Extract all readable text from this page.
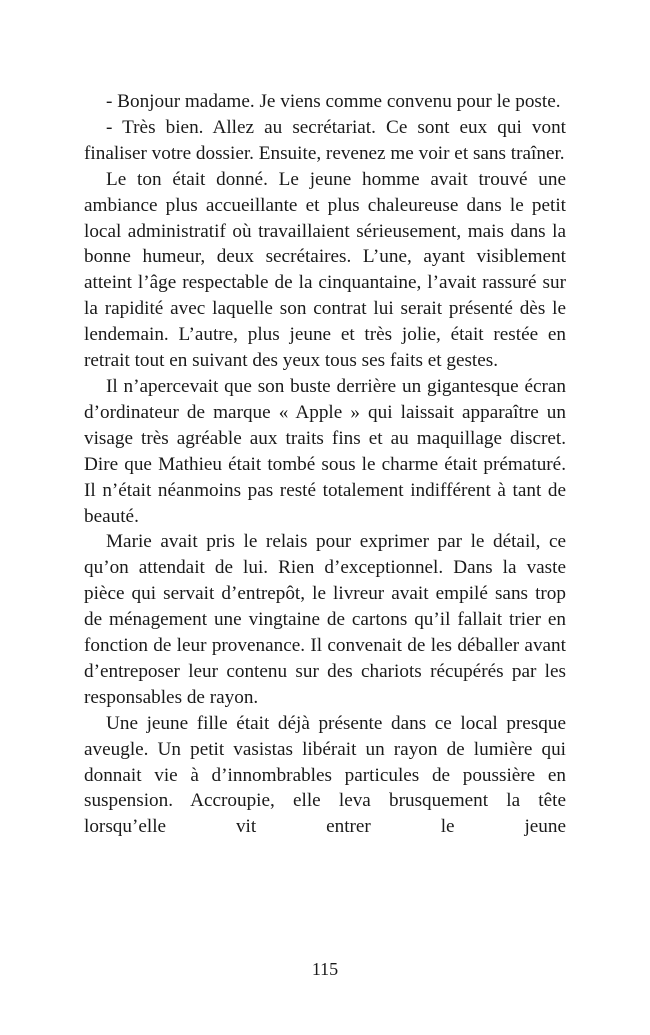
- Bonjour madame. Je viens comme convenu pour le poste.

- Très bien. Allez au secrétariat. Ce sont eux qui vont finaliser votre dossier. Ensuite, revenez me voir et sans traîner.

Le ton était donné. Le jeune homme avait trouvé une ambiance plus accueillante et plus chaleureuse dans le petit local administratif où travaillaient sérieusement, mais dans la bonne humeur, deux secrétaires. L’une, ayant visiblement atteint l’âge respectable de la cinquantaine, l’avait rassuré sur la rapidité avec laquelle son contrat lui serait présenté dès le lendemain. L’autre, plus jeune et très jolie, était restée en retrait tout en suivant des yeux tous ses faits et gestes.

Il n’apercevait que son buste derrière un gigantesque écran d’ordinateur de marque « Apple » qui laissait apparaître un visage très agréable aux traits fins et au maquillage discret. Dire que Mathieu était tombé sous le charme était prématuré. Il n’était néanmoins pas resté totalement indifférent à tant de beauté.

Marie avait pris le relais pour exprimer par le détail, ce qu’on attendait de lui. Rien d’exceptionnel. Dans la vaste pièce qui servait d’entrepôt, le livreur avait empilé sans trop de ménagement une vingtaine de cartons qu’il fallait trier en fonction de leur provenance. Il convenait de les déballer avant d’entreposer leur contenu sur des chariots récupérés par les responsables de rayon.

Une jeune fille était déjà présente dans ce local presque aveugle. Un petit vasistas libérait un rayon de lumière qui donnait vie à d’innombrables particules de poussière en suspension. Accroupie, elle leva brusquement la tête lorsqu’elle vit entrer le jeune

115
